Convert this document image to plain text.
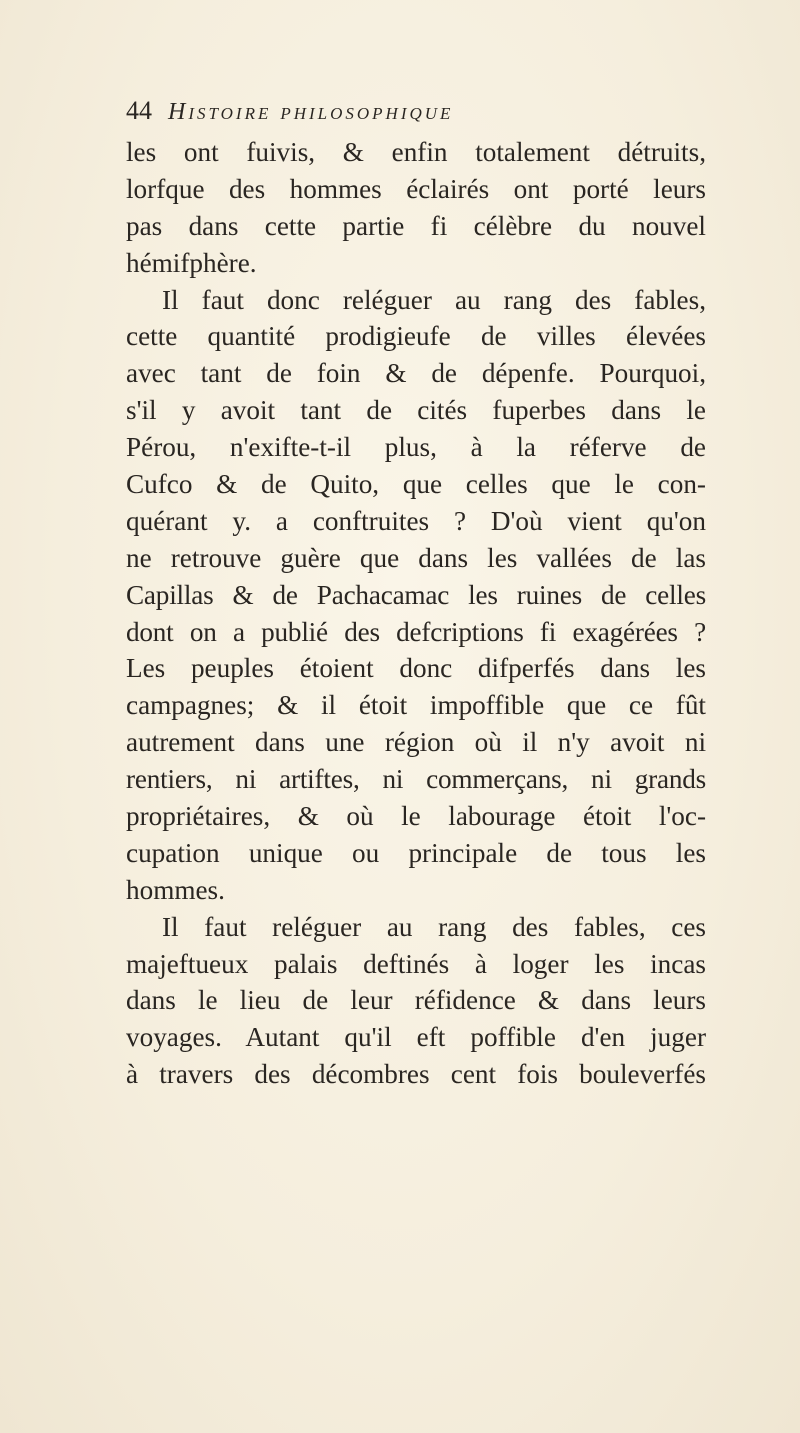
44 Histoire philosophique
les ont fuivis, & enfin totalement détruits,
lorfque des hommes éclairés ont porté leurs
pas dans cette partie fi célèbre du nouvel
hémifphère.
Il faut donc reléguer au rang des fables,
cette quantité prodigieufe de villes élevées
avec tant de foin & de dépenfe. Pourquoi,
s'il y avoit tant de cités fuperbes dans le
Pérou, n'exifte-t-il plus, à la réferve de
Cufco & de Quito, que celles que le con-
quérant y. a conftruites ? D'où vient qu'on
ne retrouve guère que dans les vallées de las
Capillas & de Pachacamac les ruines de celles
dont on a publié des defcriptions fi exagérées ?
Les peuples étoient donc difperfés dans les
campagnes; & il étoit impoffible que ce fût
autrement dans une région où il n'y avoit ni
rentiers, ni artiftes, ni commerçans, ni grands
propriétaires, & où le labourage étoit l'oc-
cupation unique ou principale de tous les
hommes.
Il faut reléguer au rang des fables, ces
majeftueux palais deftinés à loger les incas
dans le lieu de leur réfidence & dans leurs
voyages. Autant qu'il eft poffible d'en juger
à travers des décombres cent fois bouleverfés
